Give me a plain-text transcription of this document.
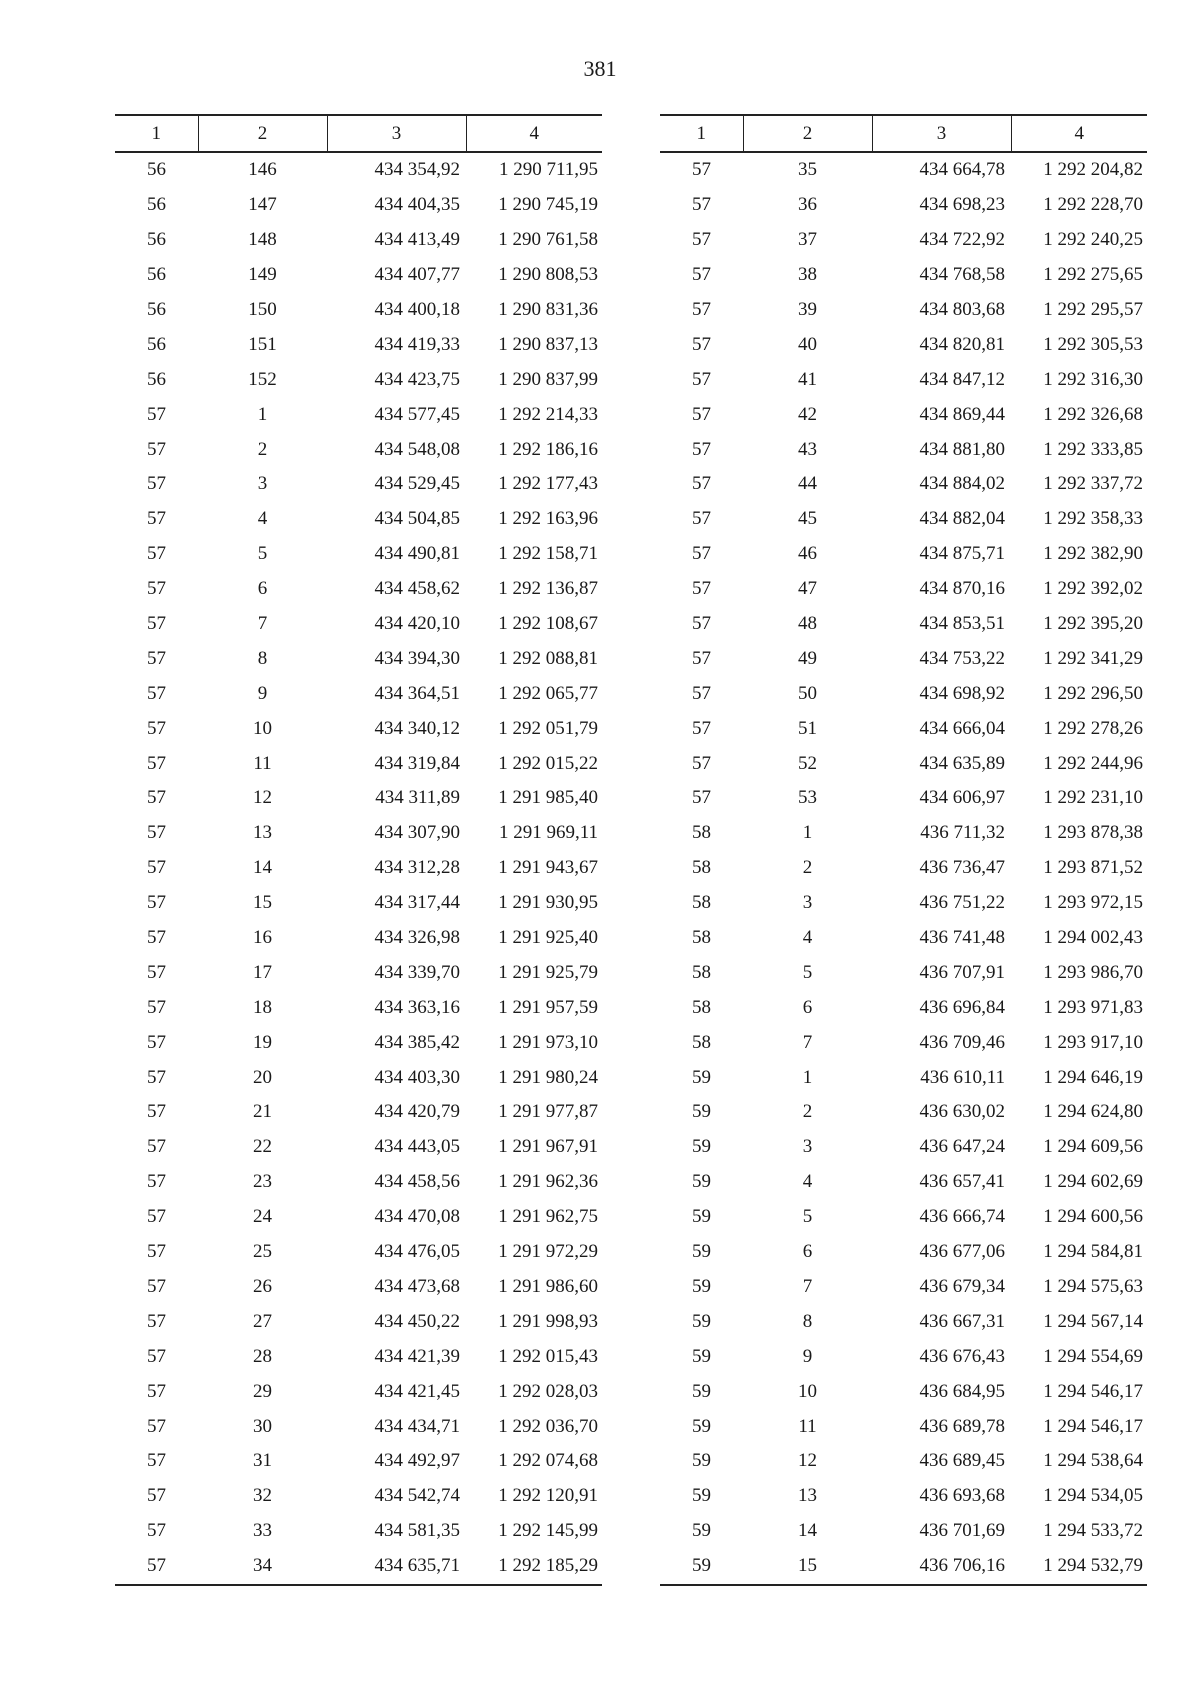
381
1	2	3	4
56	146	434 354,92	1 290 711,95
56	147	434 404,35	1 290 745,19
56	148	434 413,49	1 290 761,58
56	149	434 407,77	1 290 808,53
56	150	434 400,18	1 290 831,36
56	151	434 419,33	1 290 837,13
56	152	434 423,75	1 290 837,99
57	1	434 577,45	1 292 214,33
57	2	434 548,08	1 292 186,16
57	3	434 529,45	1 292 177,43
57	4	434 504,85	1 292 163,96
57	5	434 490,81	1 292 158,71
57	6	434 458,62	1 292 136,87
57	7	434 420,10	1 292 108,67
57	8	434 394,30	1 292 088,81
57	9	434 364,51	1 292 065,77
57	10	434 340,12	1 292 051,79
57	11	434 319,84	1 292 015,22
57	12	434 311,89	1 291 985,40
57	13	434 307,90	1 291 969,11
57	14	434 312,28	1 291 943,67
57	15	434 317,44	1 291 930,95
57	16	434 326,98	1 291 925,40
57	17	434 339,70	1 291 925,79
57	18	434 363,16	1 291 957,59
57	19	434 385,42	1 291 973,10
57	20	434 403,30	1 291 980,24
57	21	434 420,79	1 291 977,87
57	22	434 443,05	1 291 967,91
57	23	434 458,56	1 291 962,36
57	24	434 470,08	1 291 962,75
57	25	434 476,05	1 291 972,29
57	26	434 473,68	1 291 986,60
57	27	434 450,22	1 291 998,93
57	28	434 421,39	1 292 015,43
57	29	434 421,45	1 292 028,03
57	30	434 434,71	1 292 036,70
57	31	434 492,97	1 292 074,68
57	32	434 542,74	1 292 120,91
57	33	434 581,35	1 292 145,99
57	34	434 635,71	1 292 185,29
1	2	3	4
57	35	434 664,78	1 292 204,82
57	36	434 698,23	1 292 228,70
57	37	434 722,92	1 292 240,25
57	38	434 768,58	1 292 275,65
57	39	434 803,68	1 292 295,57
57	40	434 820,81	1 292 305,53
57	41	434 847,12	1 292 316,30
57	42	434 869,44	1 292 326,68
57	43	434 881,80	1 292 333,85
57	44	434 884,02	1 292 337,72
57	45	434 882,04	1 292 358,33
57	46	434 875,71	1 292 382,90
57	47	434 870,16	1 292 392,02
57	48	434 853,51	1 292 395,20
57	49	434 753,22	1 292 341,29
57	50	434 698,92	1 292 296,50
57	51	434 666,04	1 292 278,26
57	52	434 635,89	1 292 244,96
57	53	434 606,97	1 292 231,10
58	1	436 711,32	1 293 878,38
58	2	436 736,47	1 293 871,52
58	3	436 751,22	1 293 972,15
58	4	436 741,48	1 294 002,43
58	5	436 707,91	1 293 986,70
58	6	436 696,84	1 293 971,83
58	7	436 709,46	1 293 917,10
59	1	436 610,11	1 294 646,19
59	2	436 630,02	1 294 624,80
59	3	436 647,24	1 294 609,56
59	4	436 657,41	1 294 602,69
59	5	436 666,74	1 294 600,56
59	6	436 677,06	1 294 584,81
59	7	436 679,34	1 294 575,63
59	8	436 667,31	1 294 567,14
59	9	436 676,43	1 294 554,69
59	10	436 684,95	1 294 546,17
59	11	436 689,78	1 294 546,17
59	12	436 689,45	1 294 538,64
59	13	436 693,68	1 294 534,05
59	14	436 701,69	1 294 533,72
59	15	436 706,16	1 294 532,79
